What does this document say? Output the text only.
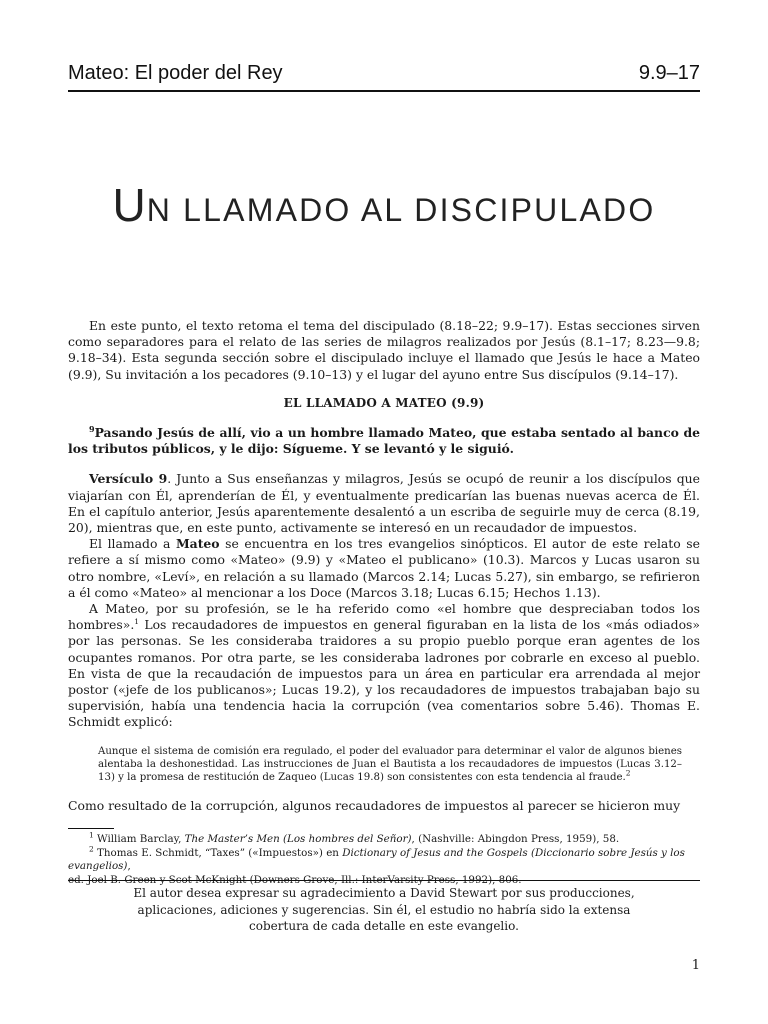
Mateo: El poder del Rey	9.9–17
UN LLAMADO AL DISCIPULADO

En este punto, el texto retoma el tema del discipulado (8.18–22; 9.9–17). Estas secciones sirven como separadores para el relato de las series de milagros realizados por Jesús (8.1–17; 8.23—9.8; 9.18–34). Esta segunda sección sobre el discipulado incluye el llamado que Jesús le hace a Mateo (9.9), Su invitación a los pecadores (9.10–13) y el lugar del ayuno entre Sus discípulos (9.14–17).

EL LLAMADO A MATEO (9.9)

$^9$Pasando Jesús de allí, vio a un hombre llamado Mateo, que estaba sentado al banco de los tributos públicos, y le dijo: Sígueme. Y se levantó y le siguió.

Versículo 9. Junto a Sus enseñanzas y milagros, Jesús se ocupó de reunir a los discípulos que viajarían con Él, aprenderían de Él, y eventualmente predicarían las buenas nuevas acerca de Él. En el capítulo anterior, Jesús aparentemente desalentó a un escriba de seguirle muy de cerca (8.19, 20), mientras que, en este punto, activamente se interesó en un recaudador de impuestos.

El llamado a Mateo se encuentra en los tres evangelios sinópticos. El autor de este relato se refiere a sí mismo como «Mateo» (9.9) y «Mateo el publicano» (10.3). Marcos y Lucas usaron su otro nombre, «Leví», en relación a su llamado (Marcos 2.14; Lucas 5.27), sin embargo, se refirieron a él como «Mateo» al mencionar a los Doce (Marcos 3.18; Lucas 6.15; Hechos 1.13).

A Mateo, por su profesión, se le ha referido como «el hombre que despreciaban todos los hombres».$^1$ Los recaudadores de impuestos en general figuraban en la lista de los «más odiados» por las personas. Se les consideraba traidores a su propio pueblo porque eran agentes de los ocupantes romanos. Por otra parte, se les consideraba ladrones por cobrarle en exceso al pueblo. En vista de que la recaudación de impuestos para un área en particular era arrendada al mejor postor («jefe de los publicanos»; Lucas 19.2), y los recaudadores de impuestos trabajaban bajo su supervisión, había una tendencia hacia la corrupción (vea comentarios sobre 5.46). Thomas E. Schmidt explicó:

Aunque el sistema de comisión era regulado, el poder del evaluador para determinar el valor de algunos bienes alentaba la deshonestidad. Las instrucciones de Juan el Bautista a los recaudadores de impuestos (Lucas 3.12–13) y la promesa de restitución de Zaqueo (Lucas 19.8) son consistentes con esta tendencia al fraude.$^2$

Como resultado de la corrupción, algunos recaudadores de impuestos al parecer se hicieron muy

$^1$ William Barclay, The Master’s Men (Los hombres del Señor), (Nashville: Abingdon Press, 1959), 58.
$^2$ Thomas E. Schmidt, “Taxes” («Impuestos») en Dictionary of Jesus and the Gospels (Diccionario sobre Jesús y los evangelios),
ed. Joel B. Green y Scot McKnight (Downers Grove, Ill.: InterVarsity Press, 1992), 806.
El autor desea expresar su agradecimiento a David Stewart por sus producciones,
aplicaciones, adiciones y sugerencias. Sin él, el estudio no habría sido la extensa
cobertura de cada detalle en este evangelio.
1
